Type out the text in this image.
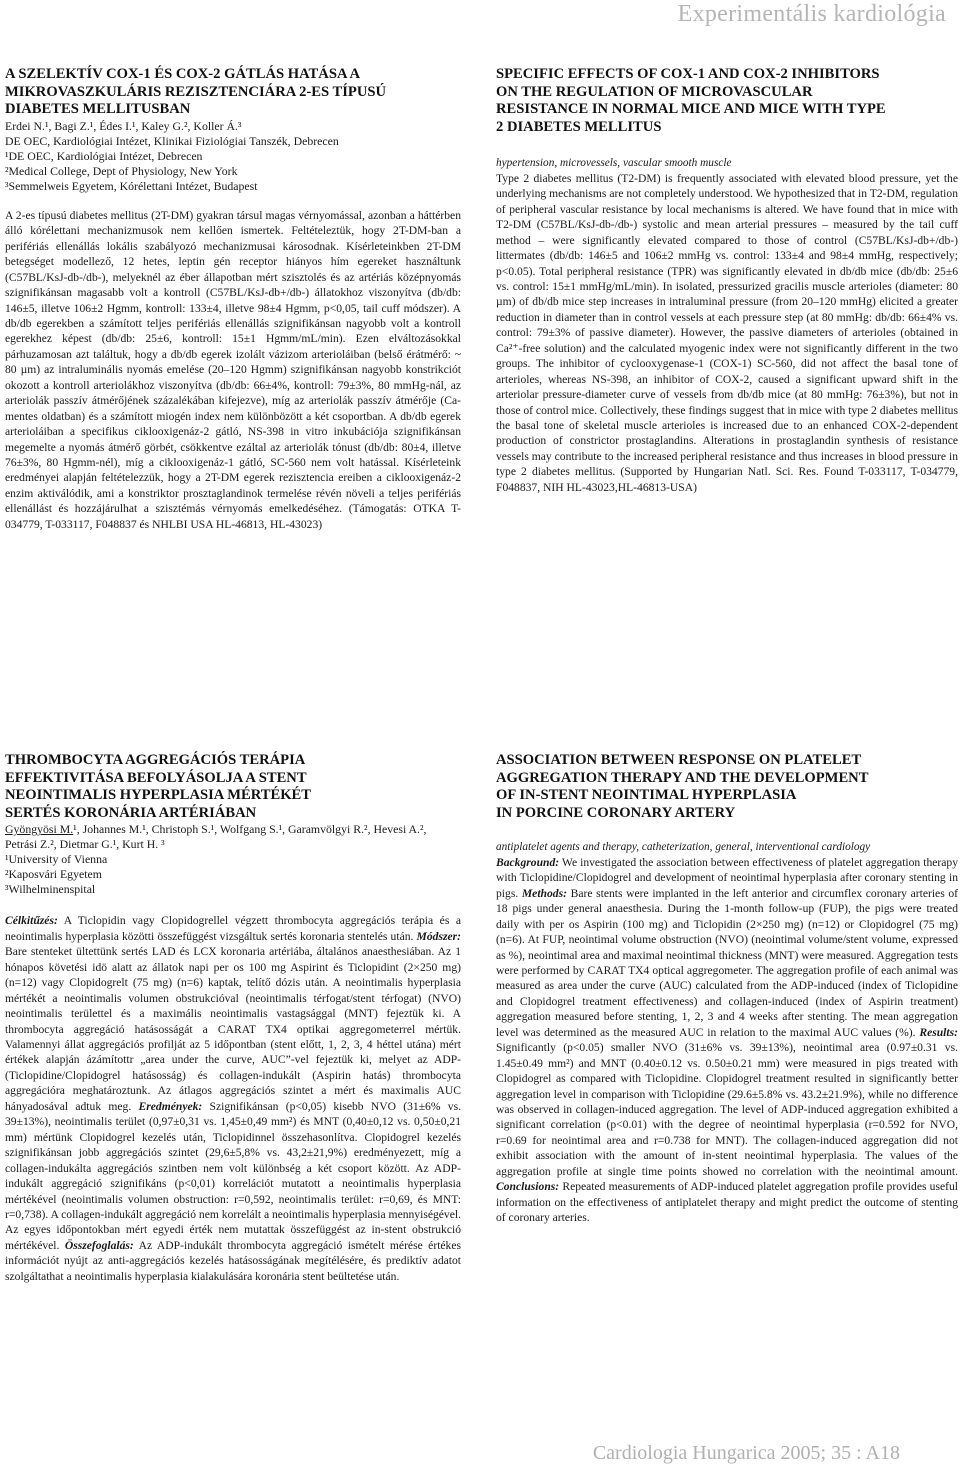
Experimentális kardiológia
A SZELEKTÍV COX-1 ÉS COX-2 GÁTLÁS HATÁSA A
MIKROVASZKULÁRIS REZISZTENCIÁRA 2-ES TÍPUSÚ
DIABETES MELLITUSBAN
Erdei N.¹, Bagi Z.¹, Édes I.¹, Kaley G.², Koller Á.³
DE OEC, Kardiológiai Intézet, Klinikai Fiziológiai Tanszék, Debrecen
¹DE OEC, Kardiológiai Intézet, Debrecen
²Medical College, Dept of Physiology, New York
³Semmelweis Egyetem, Kórélettani Intézet, Budapest

A 2-es típusú diabetes mellitus (2T-DM) gyakran társul magas vérnyomással, azonban a háttérben álló kórélettani mechanizmusok nem kellően ismertek. Feltételeztük, hogy 2T-DM-ban a perifériás ellenállás lokális szabályozó mechanizmusai károsodnak. Kísérleteinkben 2T-DM betegséget modellező, 12 hetes, leptin gén receptor hiányos hím egereket használtunk (C57BL/KsJ-db-/db-), melyeknél az éber állapotban mért szisztolés és az artériás középnyomás szignifikánsan magasabb volt a kontroll (C57BL/KsJ-db+/db-) állatokhoz viszonyítva (db/db: 146±5, illetve 106±2 Hgmm, kontroll: 133±4, illetve 98±4 Hgmm, p<0,05, tail cuff módszer). A db/db egerekben a számított teljes perifériás ellenállás szignifikánsan nagyobb volt a kontroll egerekhez képest (db/db: 25±6, kontroll: 15±1 Hgmm/mL/min). Ezen elváltozásokkal párhuzamosan azt találtuk, hogy a db/db egerek izolált vázizom arterioláiban (belső érátmérő: ~ 80 µm) az intraluminális nyomás emelése (20–120 Hgmm) szignifikánsan nagyobb konstrikciót okozott a kontroll arteriolákhoz viszonyítva (db/db: 66±4%, kontroll: 79±3%, 80 mmHg-nál, az arteriolák passzív átmérőjének százalékában kifejezve), míg az arteriolák passzív átmérője (Ca-mentes oldatban) és a számított miogén index nem különbözött a két csoportban. A db/db egerek arterioláiban a specifikus ciklooxigenáz-2 gátló, NS-398 in vitro inkubációja szignifikánsan megemelte a nyomás átmérő görbét, csökkentve ezáltal az arteriolák tónust (db/db: 80±4, illetve 76±3%, 80 Hgmm-nél), míg a ciklooxigenáz-1 gátló, SC-560 nem volt hatással. Kísérleteink eredményei alapján feltételezzük, hogy a 2T-DM egerek rezisztencia ereiben a ciklooxigenáz-2 enzim aktiválódik, ami a konstriktor prosztaglandinok termelése révén növeli a teljes perifériás ellenállást és hozzájárulhat a szisztémás vérnyomás emelkedéséhez. (Támogatás: OTKA T-034779, T-033117, F048837 és NHLBI USA HL-46813, HL-43023)

SPECIFIC EFFECTS OF COX-1 AND COX-2 INHIBITORS
ON THE REGULATION OF MICROVASCULAR
RESISTANCE IN NORMAL MICE AND MICE WITH TYPE
2 DIABETES MELLITUS
hypertension, microvessels, vascular smooth muscle

Type 2 diabetes mellitus (T2-DM) is frequently associated with elevated blood pressure, yet the underlying mechanisms are not completely understood. We hypothesized that in T2-DM, regulation of peripheral vascular resistance by local mechanisms is altered. We have found that in mice with T2-DM (C57BL/KsJ-db-/db-) systolic and mean arterial pressures – measured by the tail cuff method – were significantly elevated compared to those of control (C57BL/KsJ-db+/db-) littermates (db/db: 146±5 and 106±2 mmHg vs. control: 133±4 and 98±4 mmHg, respectively; p<0.05). Total peripheral resistance (TPR) was significantly elevated in db/db mice (db/db: 25±6 vs. control: 15±1 mmHg/mL/min). In isolated, pressurized gracilis muscle arterioles (diameter: 80 µm) of db/db mice step increases in intraluminal pressure (from 20–120 mmHg) elicited a greater reduction in diameter than in control vessels at each pressure step (at 80 mmHg: db/db: 66±4% vs. control: 79±3% of passive diameter). However, the passive diameters of arterioles (obtained in Ca²⁺-free solution) and the calculated myogenic index were not significantly different in the two groups. The inhibitor of cyclooxygenase-1 (COX-1) SC-560, did not affect the basal tone of arterioles, whereas NS-398, an inhibitor of COX-2, caused a significant upward shift in the arteriolar pressure-diameter curve of vessels from db/db mice (at 80 mmHg: 76±3%), but not in those of control mice. Collectively, these findings suggest that in mice with type 2 diabetes mellitus the basal tone of skeletal muscle arterioles is increased due to an enhanced COX-2-dependent production of constrictor prostaglandins. Alterations in prostaglandin synthesis of resistance vessels may contribute to the increased peripheral resistance and thus increases in blood pressure in type 2 diabetes mellitus. (Supported by Hungarian Natl. Sci. Res. Found T-033117, T-034779, F048837, NIH HL-43023,HL-46813-USA)

THROMBOCYTA AGGREGÁCIÓS TERÁPIA
EFFEKTIVITÁSA BEFOLYÁSOLJA A STENT
NEOINTIMALIS HYPERPLASIA MÉRTÉKÉT
SERTÉS KORONÁRIA ARTÉRIÁBAN
Gyöngyösi M.¹, Johannes M.¹, Christoph S.¹, Wolfgang S.¹, Garamvölgyi R.², Hevesi A.², Petrási Z.², Dietmar G.¹, Kurt H. ³
¹University of Vienna
²Kaposvári Egyetem
³Wilhelminenspital

Célkitűzés: A Ticlopidin vagy Clopidogrellel végzett thrombocyta aggregációs terápia és a neointimalis hyperplasia közötti összefüggést vizsgáltuk sertés koronaria stentelés után. Módszer: Bare stenteket ültettünk sertés LAD és LCX koronaria artériába, általános anaesthesiában. Az 1 hónapos követési idö alatt az állatok napi per os 100 mg Aspirint és Ticlopidint (2×250 mg) (n=12) vagy Clopidogrelt (75 mg) (n=6) kaptak, telítő dózis után. A neointimalis hyperplasia mértékét a neointimalis volumen obstrukcióval (neointimalis térfogat/stent térfogat) (NVO) neointimalis területtel és a maximális neointimalis vastagsággal (MNT) fejeztük ki. A thrombocyta aggregáció hatásosságát a CARAT TX4 optikai aggregometerrel mértük. Valamennyi állat aggregációs profilját az 5 időpontban (stent előtt, 1, 2, 3, 4 héttel utána) mért értékek alapján ázámítottr „area under the curve, AUC”-vel fejeztük ki, melyet az ADP- (Ticlopidine/Clopidogrel hatásosság) és collagen-indukált (Aspirin hatás) thrombocyta aggregációra meghatároztunk. Az átlagos aggregációs szintet a mért és maximalis AUC hányadosával adtuk meg. Eredmények: Szignifikánsan (p<0,05) kisebb NVO (31±6% vs. 39±13%), neointimalis terület (0,97±0,31 vs. 1,45±0,49 mm²) és MNT (0,40±0,12 vs. 0,50±0,21 mm) mértünk Clopidogrel kezelés után, Ticlopidinnel összehasonlítva. Clopidogrel kezelés szignifikánsan jobb aggregációs szintet (29,6±5,8% vs. 43,2±21,9%) eredményezett, míg a collagen-indukálta aggregációs szintben nem volt különbség a két csoport között. Az ADP-indukált aggregáció szignifikáns (p<0,01) korrelációt mutatott a neointimalis hyperplasia mértékével (neointimalis volumen obstruction: r=0,592, neointimalis terület: r=0,69, és MNT: r=0,738). A collagen-indukált aggregáció nem korrelált a neointimalis hyperplasia mennyiségével. Az egyes időpontokban mért egyedi érték nem mutattak összefüggést az in-stent obstrukció mértékével. Összefoglalás: Az ADP-indukált thrombocyta aggregáció ismételt mérése értékes információt nyújt az anti-aggregációs kezelés hatásosságának megítélésére, és prediktív adatot szolgáltathat a neointimalis hyperplasia kialakulására koronária stent beültetése után.

ASSOCIATION BETWEEN RESPONSE ON PLATELET
AGGREGATION THERAPY AND THE DEVELOPMENT
OF IN-STENT NEOINTIMAL HYPERPLASIA
IN PORCINE CORONARY ARTERY
antiplatelet agents and therapy, catheterization, general, interventional cardiology

Background: We investigated the association between effectiveness of platelet aggregation therapy with Ticlopidine/Clopidogrel and development of neointimal hyperplasia after coronary stenting in pigs. Methods: Bare stents were implanted in the left anterior and circumflex coronary arteries of 18 pigs under general anaesthesia. During the 1-month follow-up (FUP), the pigs were treated daily with per os Aspirin (100 mg) and Ticlopidin (2×250 mg) (n=12) or Clopidogrel (75 mg) (n=6). At FUP, neointimal volume obstruction (NVO) (neointimal volume/stent volume, expressed as %), neointimal area and maximal neointimal thickness (MNT) were measured. Aggregation tests were performed by CARAT TX4 optical aggregometer. The aggregation profile of each animal was measured as area under the curve (AUC) calculated from the ADP-induced (index of Ticlopidine and Clopidogrel treatment effectiveness) and collagen-induced (index of Aspirin treatment) aggregation measured before stenting, 1, 2, 3 and 4 weeks after stenting. The mean aggregation level was determined as the measured AUC in relation to the maximal AUC values (%). Results: Significantly (p<0.05) smaller NVO (31±6% vs. 39±13%), neointimal area (0.97±0.31 vs. 1.45±0.49 mm²) and MNT (0.40±0.12 vs. 0.50±0.21 mm) were measured in pigs treated with Clopidogrel as compared with Ticlopidine. Clopidogrel treatment resulted in significantly better aggregation level in comparison with Ticlopidine (29.6±5.8% vs. 43.2±21.9%), while no difference was observed in collagen-induced aggregation. The level of ADP-induced aggregation exhibited a significant correlation (p<0.01) with the degree of neointimal hyperplasia (r=0.592 for NVO, r=0.69 for neointimal area and r=0.738 for MNT). The collagen-induced aggregation did not exhibit association with the amount of in-stent neointimal hyperplasia. The values of the aggregation profile at single time points showed no correlation with the neointimal amount. Conclusions: Repeated measurements of ADP-induced platelet aggregation profile provides useful information on the effectiveness of antiplatelet therapy and might predict the outcome of stenting of coronary arteries.

Cardiologia Hungarica 2005; 35 : A18
